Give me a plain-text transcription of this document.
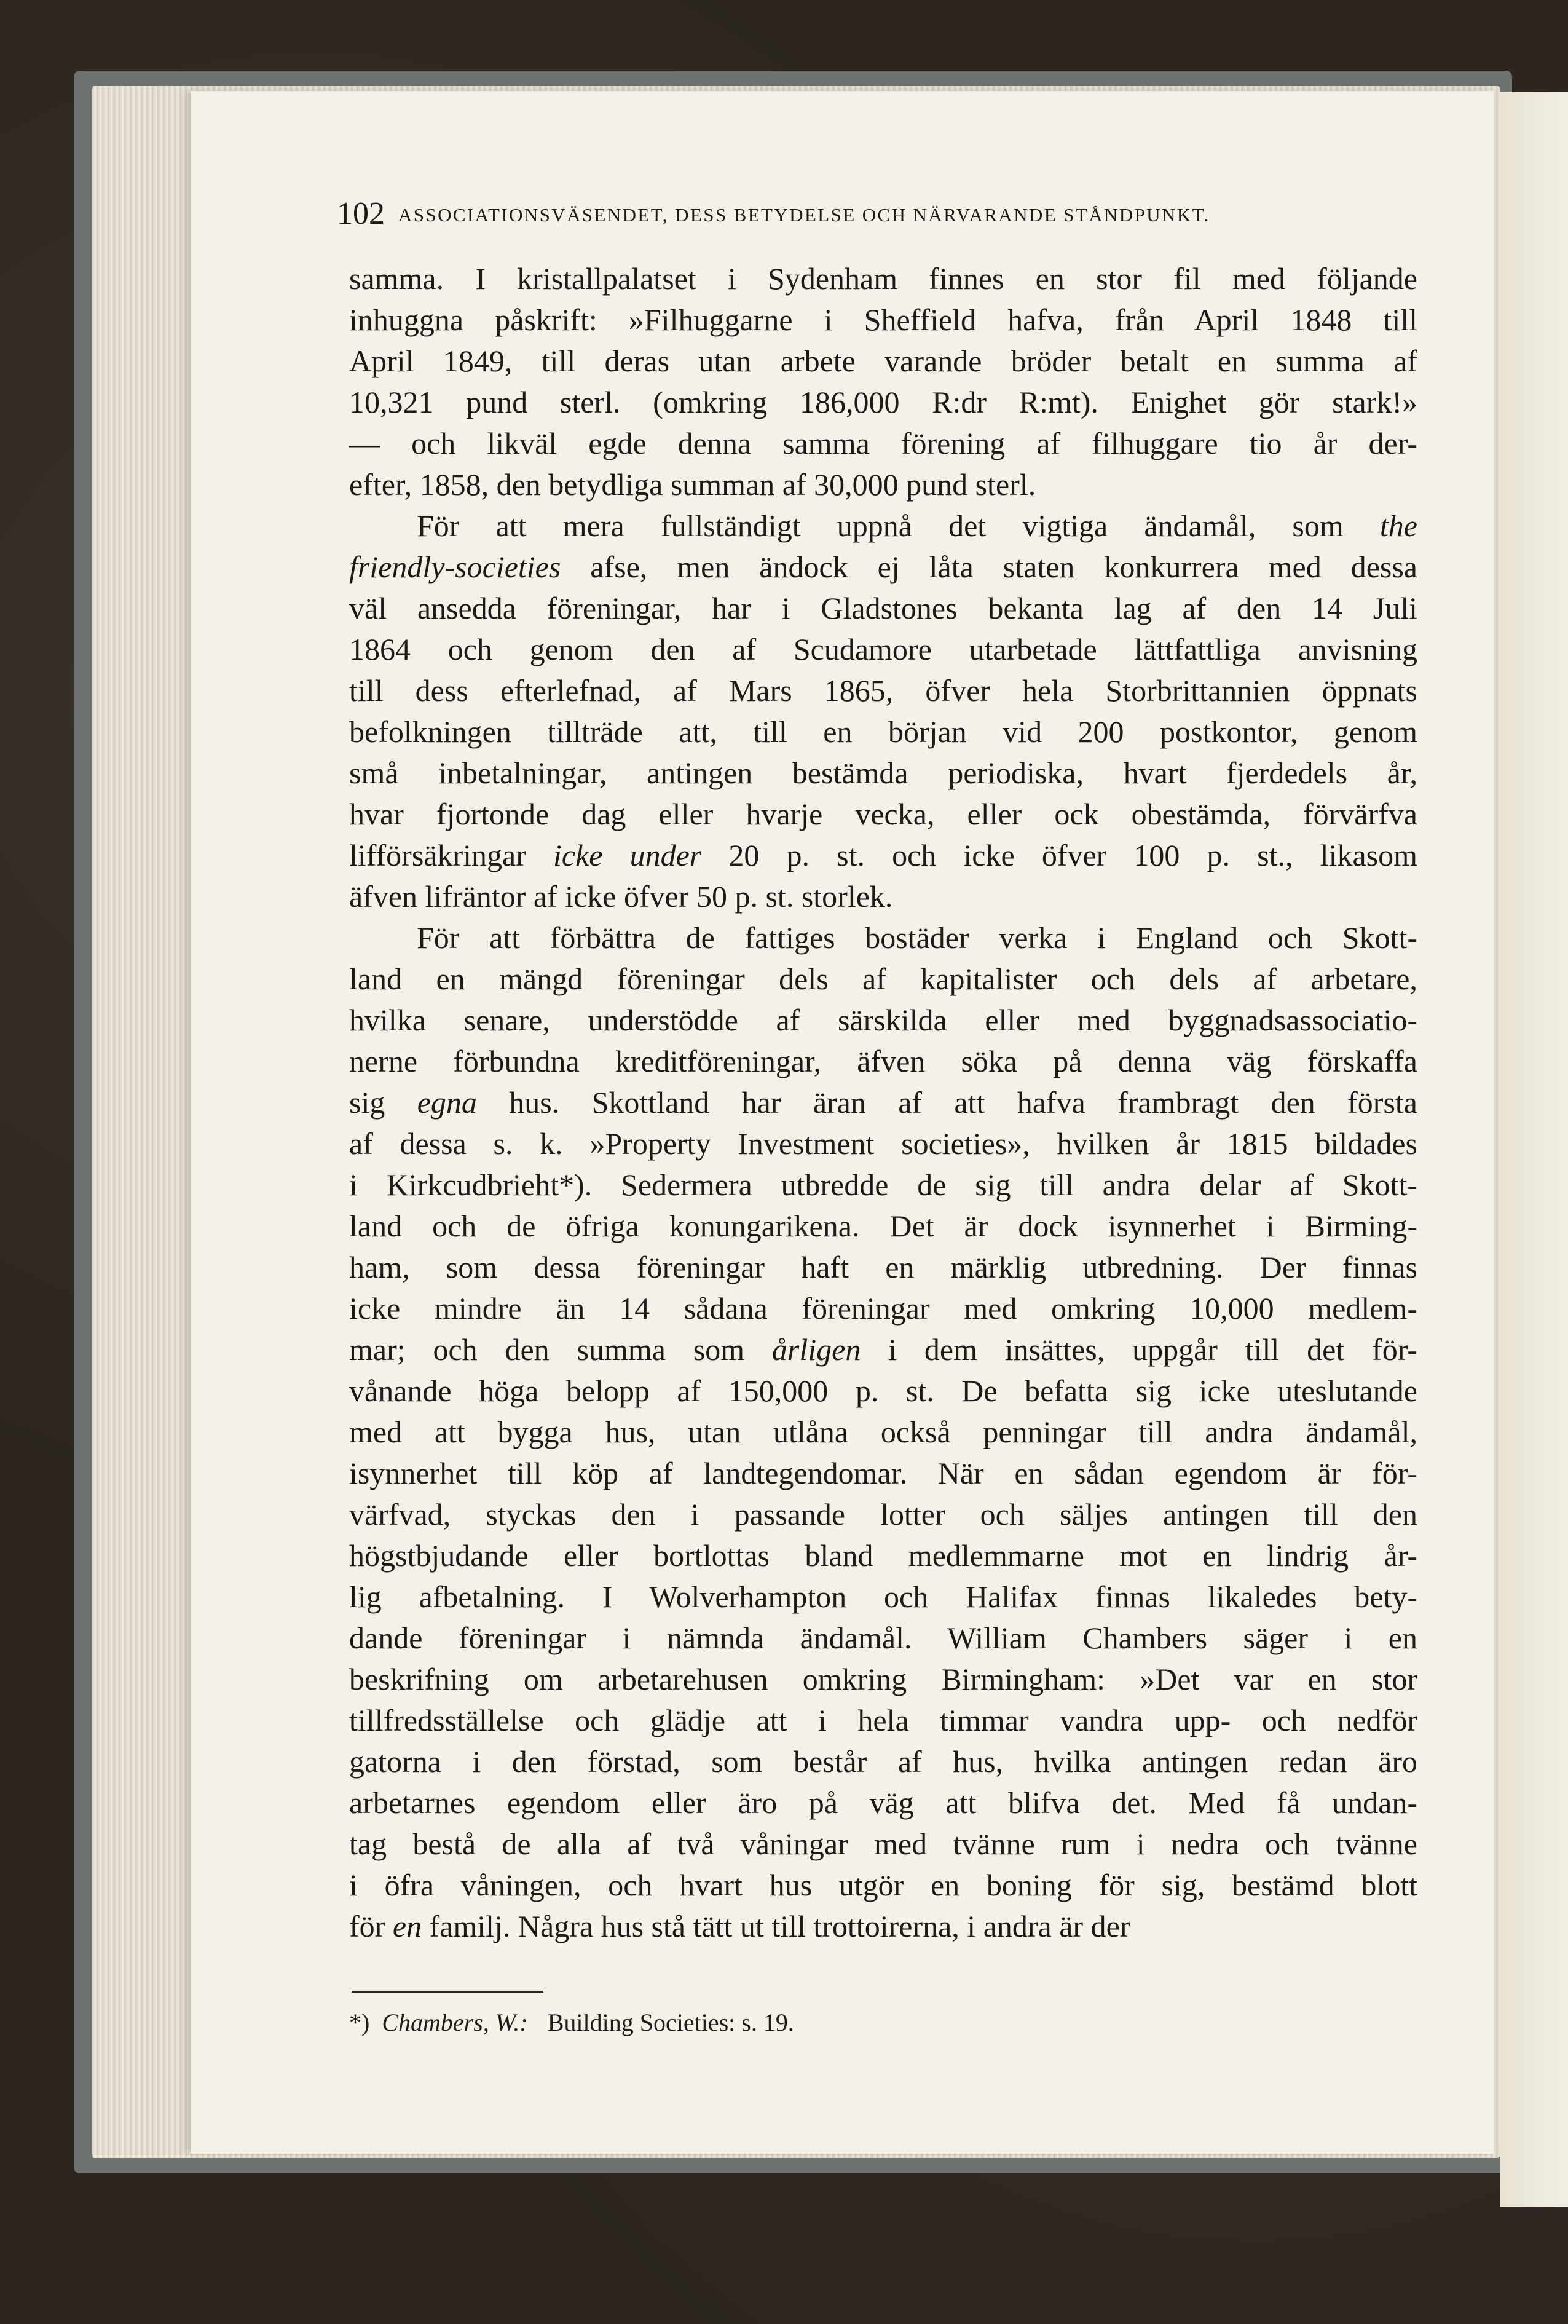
102 ASSOCIATIONSVÄSENDET, DESS BETYDELSE OCH NÄRVARANDE STÅNDPUNKT.
samma. I kristallpalatset i Sydenham finnes en stor fil med följande
inhuggna påskrift: »Filhuggarne i Sheffield hafva, från April 1848 till
April 1849, till deras utan arbete varande bröder betalt en summa af
10,321 pund sterl. (omkring 186,000 R:dr R:mt). Enighet gör stark!»
— och likväl egde denna samma förening af filhuggare tio år der-
efter, 1858, den betydliga summan af 30,000 pund sterl.
För att mera fullständigt uppnå det vigtiga ändamål, som the
friendly-societies afse, men ändock ej låta staten konkurrera med dessa
väl ansedda föreningar, har i Gladstones bekanta lag af den 14 Juli
1864 och genom den af Scudamore utarbetade lättfattliga anvisning
till dess efterlefnad, af Mars 1865, öfver hela Storbrittannien öppnats
befolkningen tillträde att, till en början vid 200 postkontor, genom
små inbetalningar, antingen bestämda periodiska, hvart fjerdedels år,
hvar fjortonde dag eller hvarje vecka, eller ock obestämda, förvärfva
lifförsäkringar icke under 20 p. st. och icke öfver 100 p. st., likasom
äfven lifräntor af icke öfver 50 p. st. storlek.
För att förbättra de fattiges bostäder verka i England och Skott-
land en mängd föreningar dels af kapitalister och dels af arbetare,
hvilka senare, understödde af särskilda eller med byggnadsassociatio-
nerne förbundna kreditföreningar, äfven söka på denna väg förskaffa
sig egna hus. Skottland har äran af att hafva frambragt den första
af dessa s. k. »Property Investment societies», hvilken år 1815 bildades
i Kirkcudbrieht*). Sedermera utbredde de sig till andra delar af Skott-
land och de öfriga konungarikena. Det är dock isynnerhet i Birming-
ham, som dessa föreningar haft en märklig utbredning. Der finnas
icke mindre än 14 sådana föreningar med omkring 10,000 medlem-
mar; och den summa som årligen i dem insättes, uppgår till det för-
vånande höga belopp af 150,000 p. st. De befatta sig icke uteslutande
med att bygga hus, utan utlåna också penningar till andra ändamål,
isynnerhet till köp af landtegendomar. När en sådan egendom är för-
värfvad, styckas den i passande lotter och säljes antingen till den
högstbjudande eller bortlottas bland medlemmarne mot en lindrig år-
lig afbetalning. I Wolverhampton och Halifax finnas likaledes bety-
dande föreningar i nämnda ändamål. William Chambers säger i en
beskrifning om arbetarehusen omkring Birmingham: »Det var en stor
tillfredsställelse och glädje att i hela timmar vandra upp- och nedför
gatorna i den förstad, som består af hus, hvilka antingen redan äro
arbetarnes egendom eller äro på väg att blifva det. Med få undan-
tag bestå de alla af två våningar med tvänne rum i nedra och tvänne
i öfra våningen, och hvart hus utgör en boning för sig, bestämd blott
för en familj. Några hus stå tätt ut till trottoirerna, i andra är der
*) Chambers, W.: Building Societies: s. 19.
